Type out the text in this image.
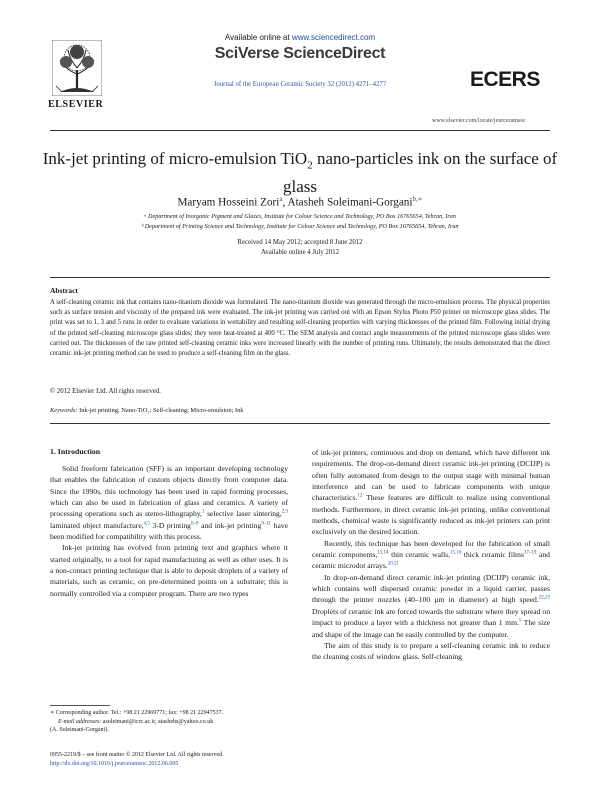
ELSEVIER
Available online at www.sciencedirect.com
SciVerse ScienceDirect
Journal of the European Ceramic Society 32 (2012) 4271–4277	ECERS
www.elsevier.com/locate/jeurceramsoc
Ink-jet printing of micro-emulsion TiO$_2$ nano-particles ink on the surface of glass
Maryam Hosseini Zori$^a$, Atasheh Soleimani-Gorgani$^{b,∗}$
ᵃ Department of Inorganic Pigment and Glazes, Institute for Colour Science and Technology, PO Box 16765654, Tehran, Iran
ᵇ Department of Printing Science and Technology, Institute for Colour Science and Technology, PO Box 16765654, Tehran, Iran
Received 14 May 2012; accepted 8 June 2012
Available online 4 July 2012
Abstract
A self-cleaning ceramic ink that contains nano-titanium dioxide was formulated. The nano-titanium dioxide was generated through the micro-emulsion process. The physical properties such as surface tension and viscosity of the prepared ink were evaluated. The ink-jet printing was carried out with an Epson Stylus Photo P50 printer on microscope glass slides. The print was set to 1, 3 and 5 runs in order to evaluate variations in wettability and resulting self-cleaning properties with varying thicknesses of the printed film. Following initial drying of the printed self-cleaning microscope glass slides; they were heat-treated at 400 °C. The SEM analysis and contact angle measurements of the printed microscope glass slides were carried out. The thicknesses of the raw printed self-cleaning ceramic inks were increased linearly with the number of printing runs. Ultimately, the results demonstrated that the direct ceramic ink-jet printing method can be used to produce a self-cleaning film on the glass.
© 2012 Elsevier Ltd. All rights reserved.
Keywords: Ink-jet printing; Nano-TiO₂; Self-cleaning; Micro-emulsion; Ink
1. Introduction

Solid freeform fabrication (SFF) is an important developing technology that enables the fabrication of custom objects directly from computer data. Since the 1990s, this technology has been used in rapid forming processes, which can also be used in fabrication of glass and ceramics. A variety of processing operations such as stereo-lithography,$^1$ selective laser sintering,$^{2,3}$ laminated object manufacture,$^{4,5}$ 3-D printing$^{6-8}$ and ink-jet printing$^{9-11}$ have been modified for compatibility with this process.

Ink-jet printing has evolved from printing text and graphics where it started originally, to a tool for rapid manufacturing as well as other uses. It is a non-contact printing technique that is able to deposit droplets of a variety of materials, such as ceramic, on pre-determined points on a substrate; this is normally controlled via a computer program. There are two types

of ink-jet printers, continuous and drop on demand, which have different ink requirements. The drop-on-demand direct ceramic ink-jet printing (DCIJP) is often fully automated from design to the output stage with minimal human interference and can be used to fabricate components with unique characteristics.$^{12}$ These features are difficult to realize using conventional methods. Furthermore, in direct ceramic ink-jet printing, unlike conventional methods, chemical waste is significantly reduced as ink-jet printers can print exclusively on the desired location.

Recently, this technique has been developed for the fabrication of small ceramic components,$^{13,14}$ thin ceramic walls,$^{15,16}$ thick ceramic films$^{17-19}$ and ceramic microdot arrays.$^{20,21}$

In drop-on-demand direct ceramic ink-jet printing (DCIJP) ceramic ink, which contains well dispersed ceramic powder in a liquid carrier, passes through the printer nozzles (40–100 μm in diameter) at high speed.$^{22,23}$ Droplets of ceramic ink are forced towards the substrate where they spread on impact to produce a layer with a thickness not greater than 1 mm.$^5$ The size and shape of the image can be easily controlled by the computer.

The aim of this study is to prepare a self-cleaning ceramic ink to reduce the cleaning costs of window glass. Self-cleaning

∗ Corresponding author. Tel.: +98 21 22969771; fax: +98 21 22947537.
E-mail addresses: asoleimani@icrc.ac.ir, atashehs@yahoo.co.uk
(A. Soleimani-Gorgani).
0955-2219/$ – see front matter © 2012 Elsevier Ltd. All rights reserved.
http://dx.doi.org/10.1016/j.jeurceramsoc.2012.06.005
